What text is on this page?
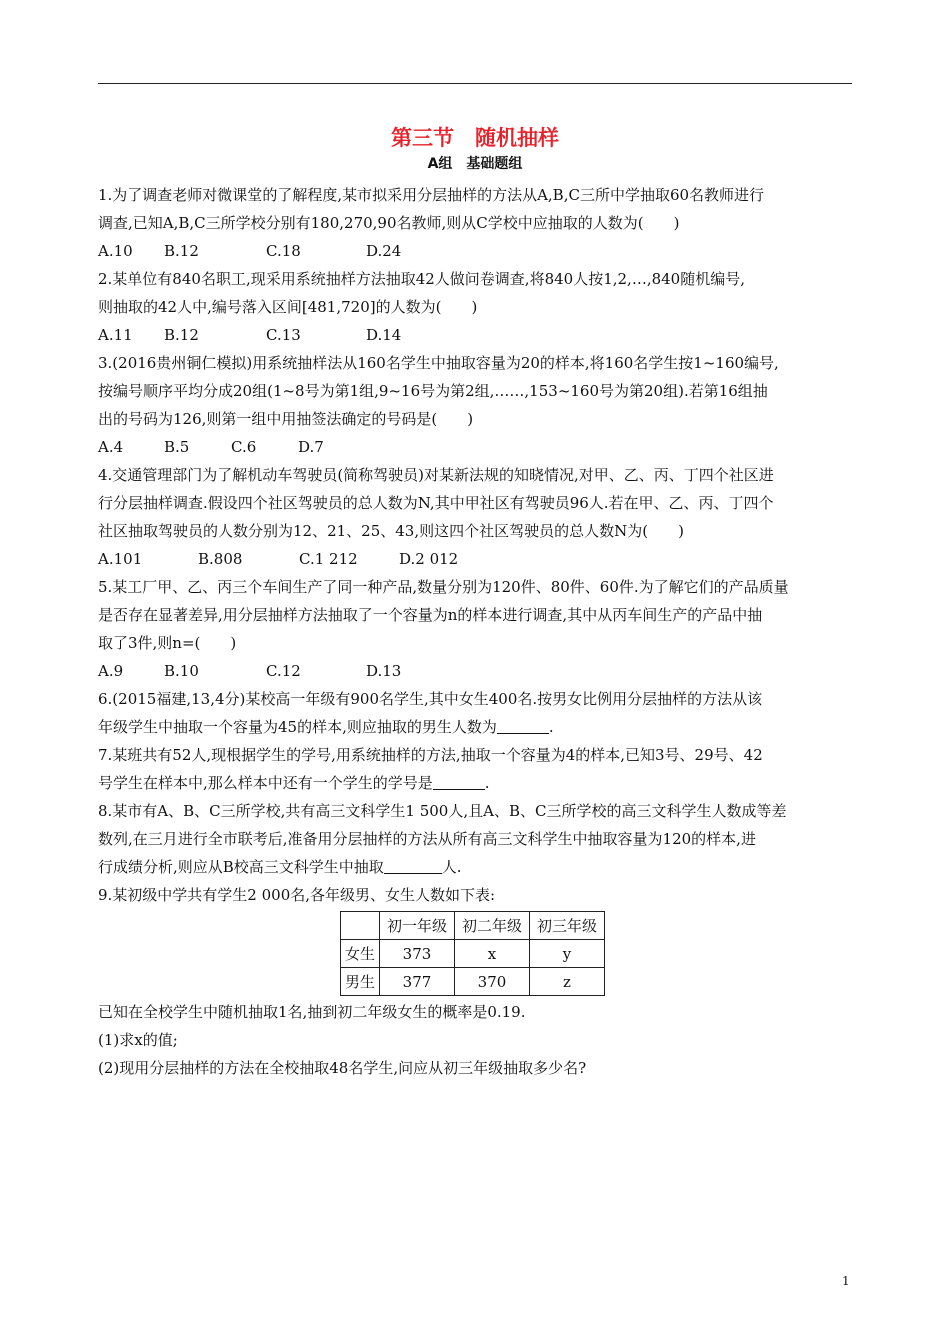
第三节　随机抽样
A组　基础题组
1.为了调查老师对微课堂的了解程度,某市拟采用分层抽样的方法从A,B,C三所中学抽取60名教师进行
调查,已知A,B,C三所学校分别有180,270,90名教师,则从C学校中应抽取的人数为(　　)
A.10 B.12	C.18	D.24
2.某单位有840名职工,现采用系统抽样方法抽取42人做问卷调查,将840人按1,2,…,840随机编号,
则抽取的42人中,编号落入区间[481,720]的人数为(　　)
A.11 B.12	C.13	D.14
3.(2016贵州铜仁模拟)用系统抽样法从160名学生中抽取容量为20的样本,将160名学生按1~160编号,
按编号顺序平均分成20组(1~8号为第1组,9~16号为第2组,……,153~160号为第20组).若第16组抽
出的号码为126,则第一组中用抽签法确定的号码是(　　)
A.4	B.5	C.6	D.7
4.交通管理部门为了解机动车驾驶员(简称驾驶员)对某新法规的知晓情况,对甲、乙、丙、丁四个社区进
行分层抽样调查.假设四个社区驾驶员的总人数为N,其中甲社区有驾驶员96人.若在甲、乙、丙、丁四个
社区抽取驾驶员的人数分别为12、21、25、43,则这四个社区驾驶员的总人数N为(　　)
A.101	B.808	C.1 212	D.2 012
5.某工厂甲、乙、丙三个车间生产了同一种产品,数量分别为120件、80件、60件.为了解它们的产品质量
是否存在显著差异,用分层抽样方法抽取了一个容量为n的样本进行调查,其中从丙车间生产的产品中抽
取了3件,则n=(　　)
A.9	B.10	C.12	D.13
6.(2015福建,13,4分)某校高一年级有900名学生,其中女生400名.按男女比例用分层抽样的方法从该
年级学生中抽取一个容量为45的样本,则应抽取的男生人数为	.
7.某班共有52人,现根据学生的学号,用系统抽样的方法,抽取一个容量为4的样本,已知3号、29号、42
号学生在样本中,那么样本中还有一个学生的学号是	.
8.某市有A、B、C三所学校,共有高三文科学生1 500人,且A、B、C三所学校的高三文科学生人数成等差
数列,在三月进行全市联考后,准备用分层抽样的方法从所有高三文科学生中抽取容量为120的样本,进
行成绩分析,则应从B校高三文科学生中抽取	人.
9.某初级中学共有学生2 000名,各年级男、女生人数如下表:
	初一年级	初二年级	初三年级
女生	373	x	y
男生	377	370	z
已知在全校学生中随机抽取1名,抽到初二年级女生的概率是0.19.
(1)求x的值;
(2)现用分层抽样的方法在全校抽取48名学生,问应从初三年级抽取多少名?
1
